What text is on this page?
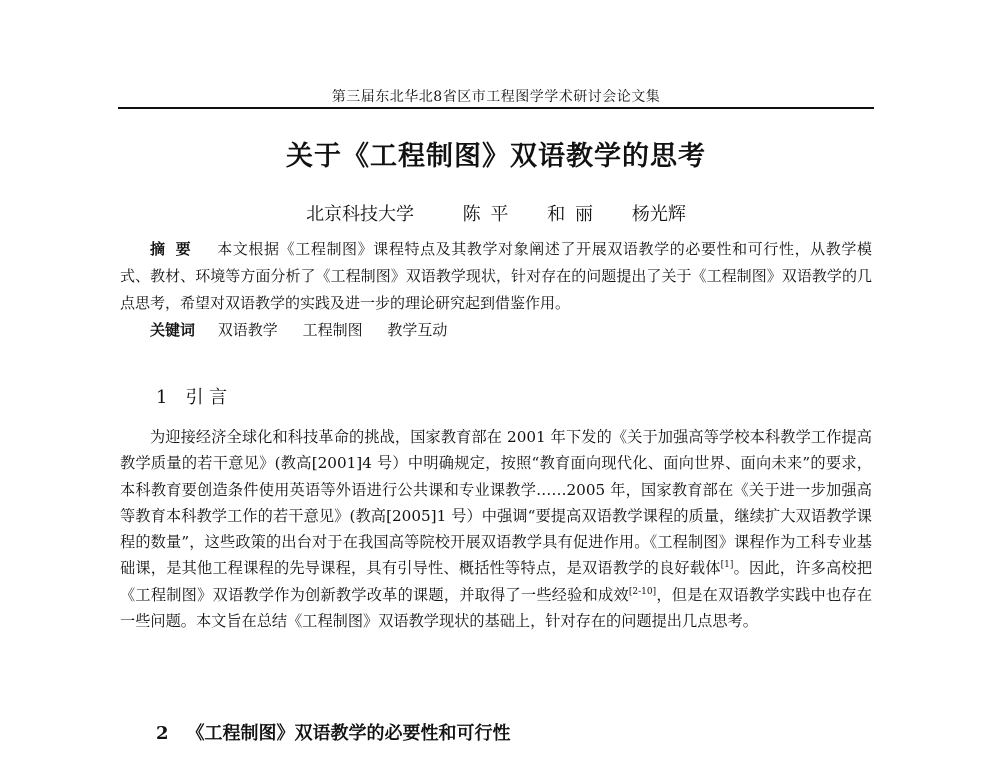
第三届东北华北8省区市工程图学学术研讨会论文集
关于《工程制图》双语教学的思考
北京科技大学	陈 平 和 丽 杨光辉
摘要 本文根据《工程制图》课程特点及其教学对象阐述了开展双语教学的必要性和可行性，从教学模式、教材、环境等方面分析了《工程制图》双语教学现状，针对存在的问题提出了关于《工程制图》双语教学的几点思考，希望对双语教学的实践及进一步的理论研究起到借鉴作用。
关键词 双语教学 工程制图 教学互动
1 引 言
为迎接经济全球化和科技革命的挑战，国家教育部在 2001 年下发的《关于加强高等学校本科教学工作提高教学质量的若干意见》(教高[2001]4 号）中明确规定，按照“教育面向现代化、面向世界、面向未来”的要求，本科教育要创造条件使用英语等外语进行公共课和专业课教学……2005 年，国家教育部在《关于进一步加强高等教育本科教学工作的若干意见》(教高[2005]1 号）中强调“要提高双语教学课程的质量，继续扩大双语教学课程的数量”，这些政策的出台对于在我国高等院校开展双语教学具有促进作用。《工程制图》课程作为工科专业基础课，是其他工程课程的先导课程，具有引导性、概括性等特点，是双语教学的良好载体[1]。因此，许多高校把《工程制图》双语教学作为创新教学改革的课题，并取得了一些经验和成效[2-10]，但是在双语教学实践中也存在一些问题。本文旨在总结《工程制图》双语教学现状的基础上，针对存在的问题提出几点思考。
2 《工程制图》双语教学的必要性和可行性
